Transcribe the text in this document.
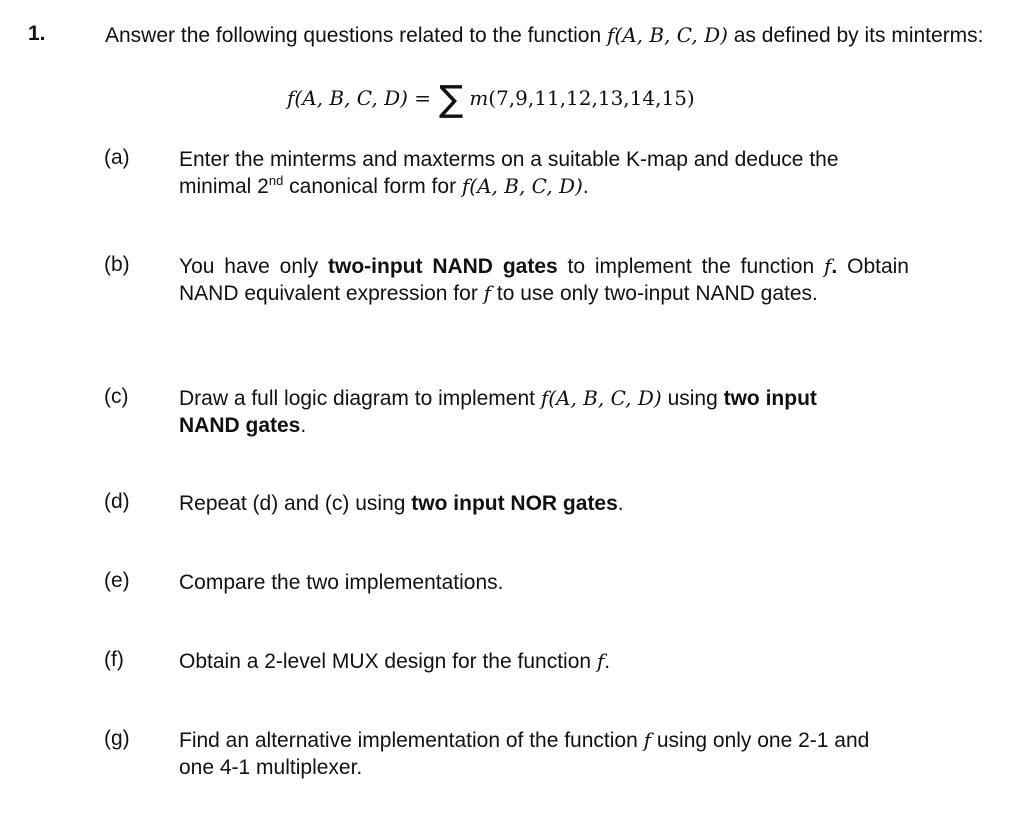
1.	Answer the following questions related to the function f(A, B, C, D) as defined by its minterms:
f(A, B, C, D) = ∑ m (7,9,11,12,13,14,15)
(a)	Enter the minterms and maxterms on a suitable K-map and deduce the minimal 2nd canonical form for f(A, B, C, D).
(b)	You have only two-input NAND gates to implement the function f. Obtain NAND equivalent expression for f to use only two-input NAND gates.
(c)	Draw a full logic diagram to implement f(A, B, C, D) using two input NAND gates.
(d)	Repeat (d) and (c) using two input NOR gates.
(e)	Compare the two implementations.
(f)	Obtain a 2-level MUX design for the function f.
(g)	Find an alternative implementation of the function f using only one 2-1 and one 4-1 multiplexer.
